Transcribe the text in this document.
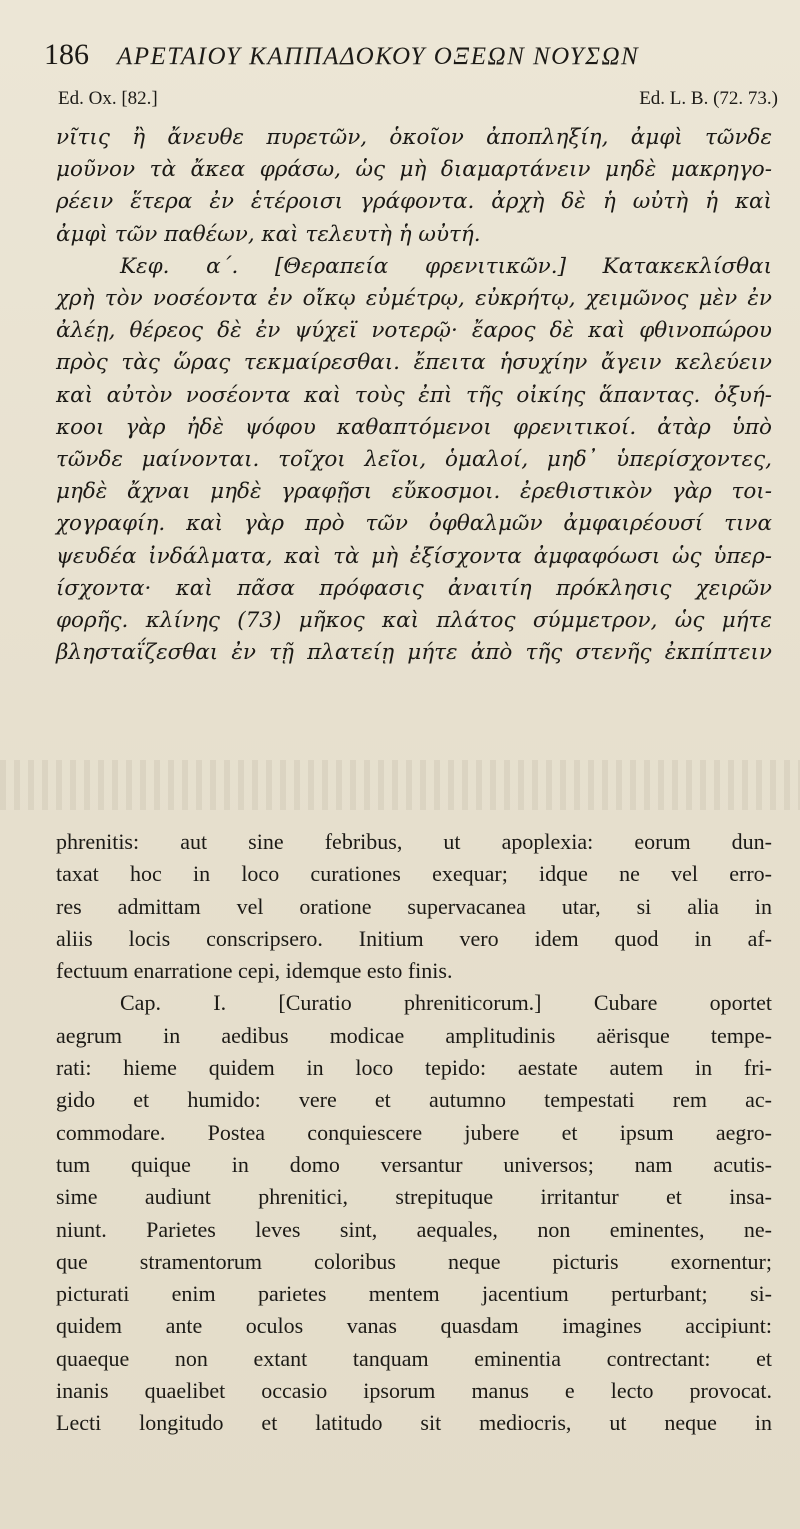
186 ΑΡΕΤΑΙΟΥ ΚΑΠΠΑΔΟΚΟΥ ΟΞΕΩΝ ΝΟΥΣΩΝ
Ed. Ox. [82.]	Ed. L. B. (72. 73.)
νῖτις ἢ ἄνευθε πυρετῶν, ὁκοῖον ἀποπληξίη, ἀμφὶ τῶνδε
μοῦνον τὰ ἄκεα φράσω, ὡς μὴ διαμαρτάνειν μηδὲ μακρηγο-
ρέειν ἕτερα ἐν ἑτέροισι γράφοντα. ἀρχὴ δὲ ἡ ωὐτὴ ἡ καὶ
ἀμφὶ τῶν παθέων, καὶ τελευτὴ ἡ ωὐτή.
Κεφ. α΄. [Θεραπεία φρενιτικῶν.] Κατακεκλίσθαι
χρὴ τὸν νοσέοντα ἐν οἴκῳ εὐμέτρῳ, εὐκρήτῳ, χειμῶνος μὲν ἐν
ἀλέῃ, θέρεος δὲ ἐν ψύχεϊ νοτερῷ· ἔαρος δὲ καὶ φθινοπώρου
πρὸς τὰς ὥρας τεκμαίρεσθαι. ἔπειτα ἡσυχίην ἄγειν κελεύειν
καὶ αὐτὸν νοσέοντα καὶ τοὺς ἐπὶ τῆς οἰκίης ἅπαντας. ὀξυή-
κοοι γὰρ ἠδὲ ψόφου καθαπτόμενοι φρενιτικοί. ἀτὰρ ὑπὸ
τῶνδε μαίνονται. τοῖχοι λεῖοι, ὁμαλοί, μηδ᾽ ὑπερίσχοντες,
μηδὲ ἄχναι μηδὲ γραφῇσι εὔκοσμοι. ἐρεθιστικὸν γὰρ τοι-
χογραφίη. καὶ γὰρ πρὸ τῶν ὀφθαλμῶν ἀμφαιρέουσί τινα
ψευδέα ἰνδάλματα, καὶ τὰ μὴ ἐξίσχοντα ἀμφαφόωσι ὡς ὑπερ-
ίσχοντα· καὶ πᾶσα πρόφασις ἀναιτίη πρόκλησις χειρῶν
φορῆς. κλίνης (73) μῆκος καὶ πλάτος σύμμετρον, ὡς μήτε
βλησταΐζεσθαι ἐν τῇ πλατείῃ μήτε ἀπὸ τῆς στενῆς ἐκπίπτειν
phrenitis: aut sine febribus, ut apoplexia: eorum dun-
taxat hoc in loco curationes exequar; idque ne vel erro-
res admittam vel oratione supervacanea utar, si alia in
aliis locis conscripsero. Initium vero idem quod in af-
fectuum enarratione cepi, idemque esto finis.
Cap. I. [Curatio phreniticorum.] Cubare oportet
aegrum in aedibus modicae amplitudinis aërisque tempe-
rati: hieme quidem in loco tepido: aestate autem in fri-
gido et humido: vere et autumno tempestati rem ac-
commodare. Postea conquiescere jubere et ipsum aegro-
tum quique in domo versantur universos; nam acutis-
sime audiunt phrenitici, strepituque irritantur et insa-
niunt. Parietes leves sint, aequales, non eminentes, ne-
que stramentorum coloribus neque picturis exornentur;
picturati enim parietes mentem jacentium perturbant; si-
quidem ante oculos vanas quasdam imagines accipiunt:
quaeque non extant tanquam eminentia contrectant: et
inanis quaelibet occasio ipsorum manus e lecto provocat.
Lecti longitudo et latitudo sit mediocris, ut neque in
